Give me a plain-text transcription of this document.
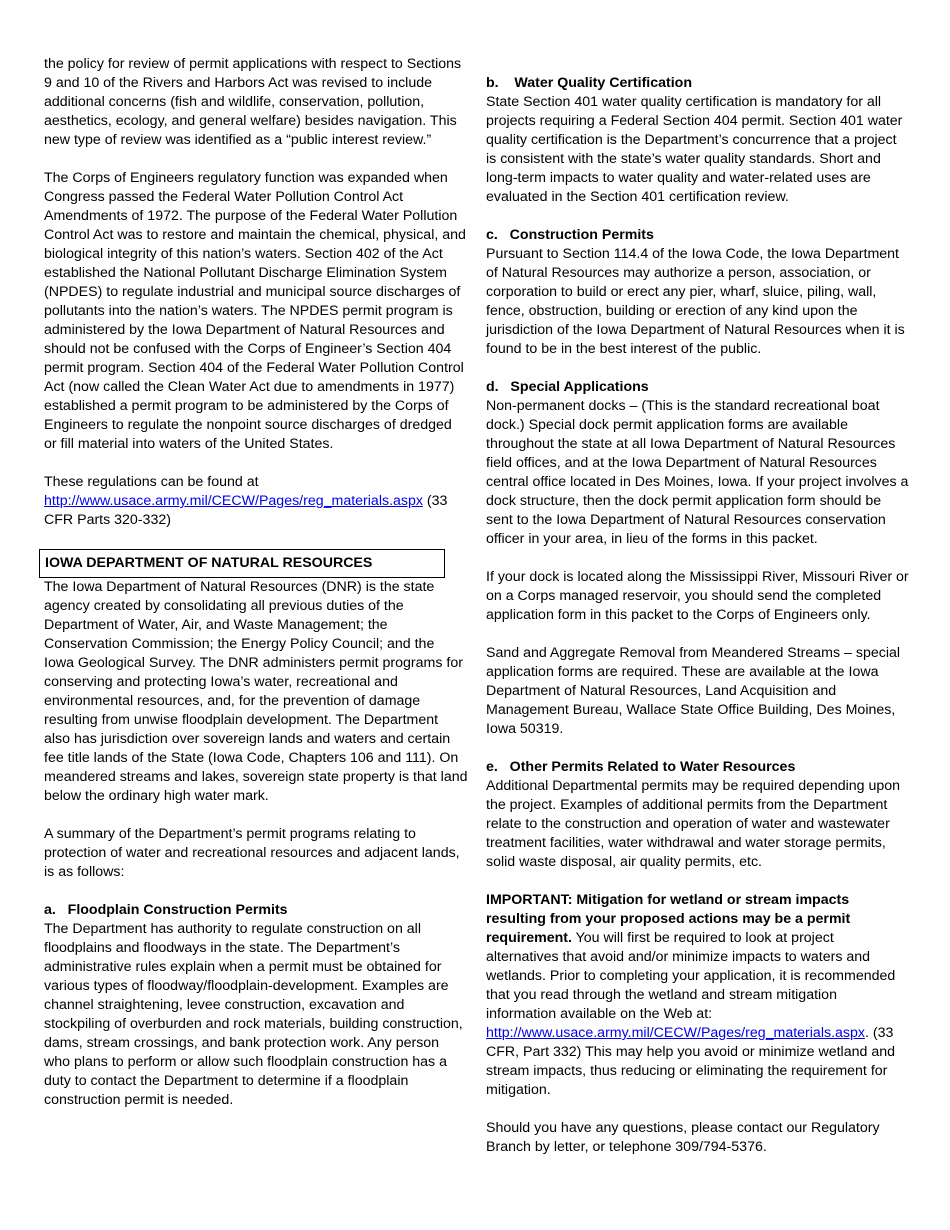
the policy for review of permit applications with respect to Sections 9 and 10 of the Rivers and Harbors Act was revised to include additional concerns (fish and wildlife, conservation, pollution, aesthetics, ecology, and general welfare) besides navigation. This new type of review was identified as a “public interest review.”

The Corps of Engineers regulatory function was expanded when Congress passed the Federal Water Pollution Control Act Amendments of 1972. The purpose of the Federal Water Pollution Control Act was to restore and maintain the chemical, physical, and biological integrity of this nation’s waters. Section 402 of the Act established the National Pollutant Discharge Elimination System (NPDES) to regulate industrial and municipal source discharges of pollutants into the nation’s waters. The NPDES permit program is administered by the Iowa Department of Natural Resources and should not be confused with the Corps of Engineer’s Section 404 permit program. Section 404 of the Federal Water Pollution Control Act (now called the Clean Water Act due to amendments in 1977) established a permit program to be administered by the Corps of Engineers to regulate the nonpoint source discharges of dredged or fill material into waters of the United States.

These regulations can be found at
http://www.usace.army.mil/CECW/Pages/reg_materials.aspx (33 CFR Parts 320-332)

IOWA DEPARTMENT OF NATURAL RESOURCES

The Iowa Department of Natural Resources (DNR) is the state agency created by consolidating all previous duties of the Department of Water, Air, and Waste Management; the Conservation Commission; the Energy Policy Council; and the Iowa Geological Survey. The DNR administers permit programs for conserving and protecting Iowa’s water, recreational and environmental resources, and, for the prevention of damage resulting from unwise floodplain development. The Department also has jurisdiction over sovereign lands and waters and certain fee title lands of the State (Iowa Code, Chapters 106 and 111). On meandered streams and lakes, sovereign state property is that land below the ordinary high water mark.

A summary of the Department’s permit programs relating to protection of water and recreational resources and adjacent lands, is as follows:

a.   Floodplain Construction Permits

The Department has authority to regulate construction on all floodplains and floodways in the state. The Department’s administrative rules explain when a permit must be obtained for various types of floodway/floodplain-development. Examples are channel straightening, levee construction, excavation and stockpiling of overburden and rock materials, building construction, dams, stream crossings, and bank protection work. Any person who plans to perform or allow such floodplain construction has a duty to contact the Department to determine if a floodplain construction permit is needed.

b.    Water Quality Certification

State Section 401 water quality certification is mandatory for all projects requiring a Federal Section 404 permit. Section 401 water quality certification is the Department’s concurrence that a project is consistent with the state’s water quality standards. Short and long-term impacts to water quality and water-related uses are evaluated in the Section 401 certification review.

c.   Construction Permits

Pursuant to Section 114.4 of the Iowa Code, the Iowa Department of Natural Resources may authorize a person, association, or corporation to build or erect any pier, wharf, sluice, piling, wall, fence, obstruction, building or erection of any kind upon the jurisdiction of the Iowa Department of Natural Resources when it is found to be in the best interest of the public.

d.   Special Applications

Non-permanent docks – (This is the standard recreational boat dock.) Special dock permit application forms are available throughout the state at all Iowa Department of Natural Resources field offices, and at the Iowa Department of Natural Resources central office located in Des Moines, Iowa. If your project involves a dock structure, then the dock permit application form should be sent to the Iowa Department of Natural Resources conservation officer in your area, in lieu of the forms in this packet.

If your dock is located along the Mississippi River, Missouri River or on a Corps managed reservoir, you should send the completed application form in this packet to the Corps of Engineers only.

Sand and Aggregate Removal from Meandered Streams – special application forms are required. These are available at the Iowa Department of Natural Resources, Land Acquisition and Management Bureau, Wallace State Office Building, Des Moines, Iowa 50319.

e.   Other Permits Related to Water Resources

Additional Departmental permits may be required depending upon the project. Examples of additional permits from the Department relate to the construction and operation of water and wastewater treatment facilities, water withdrawal and water storage permits, solid waste disposal, air quality permits, etc.

IMPORTANT: Mitigation for wetland or stream impacts resulting from your proposed actions may be a permit requirement. You will first be required to look at project alternatives that avoid and/or minimize impacts to waters and wetlands. Prior to completing your application, it is recommended that you read through the wetland and stream mitigation information available on the Web at:
http://www.usace.army.mil/CECW/Pages/reg_materials.aspx. (33 CFR, Part 332) This may help you avoid or minimize wetland and stream impacts, thus reducing or eliminating the requirement for mitigation.

Should you have any questions, please contact our Regulatory Branch by letter, or telephone 309/794-5376.
